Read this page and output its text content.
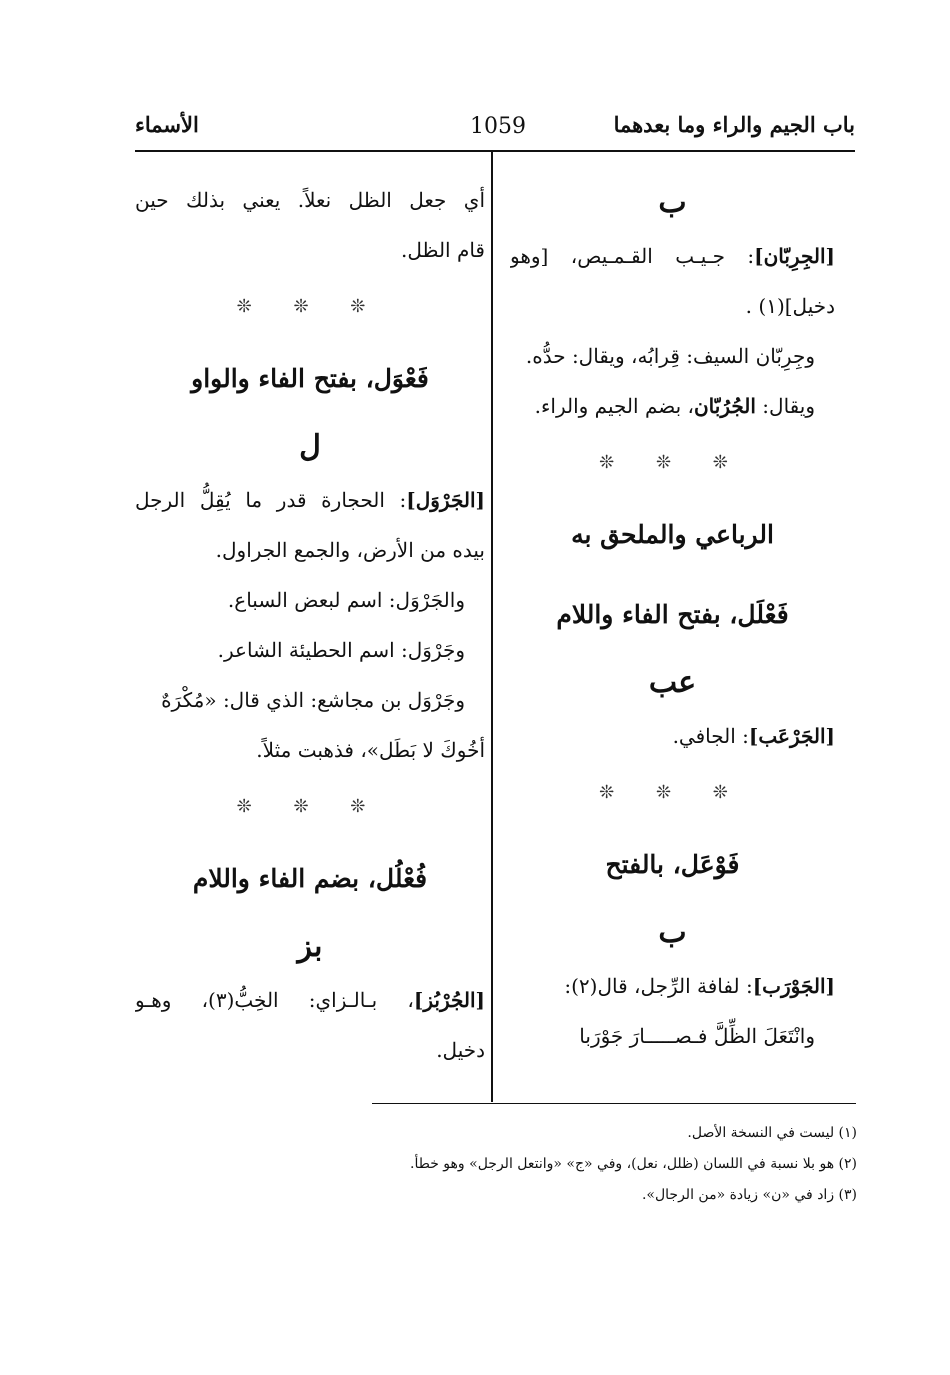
الأسماء	1059	باب الجيم والراء وما بعدهما
ب
[الجِرِبّان]: جـيـب القـمـيص، [وهو
دخيل](١) .
وجِرِبّان السيف: قِرابُه، ويقال: حدُّه.
ويقال: الجُرُبّان، بضم الجيم والراء.
❊ ❊ ❊
الرباعي والملحق به
فَعْلَل، بفتح الفاء واللام
عب
[الجَرْعَب]: الجافي.
❊ ❊ ❊
فَوْعَل، بالفتح
ب
[الجَوْرَب]: لفافة الرِّجل، قال(٢):
وانْتَعَلَ الظِّلَّ فـصـــــارَ جَوْرَبا
أي جعل الظل نعلاً. يعني بذلك حين
قام الظل.
❊ ❊ ❊
فَعْوَل، بفتح الفاء والواو
ل
[الجَرْوَل]: الحجارة قدر ما يُقِلُّ الرجل
بيده من الأرض، والجمع الجراول.
والجَرْوَل: اسم لبعض السباع.
وجَرْوَل: اسم الحطيئة الشاعر.
وجَرْوَل بن مجاشع: الذي قال: «مُكْرَهٌ
أخُوكَ لا بَطَل»، فذهبت مثلاً.
❊ ❊ ❊
فُعْلُل، بضم الفاء واللام
بز
[الجُرْبُز]، بـالـزاي: الخِبُّ(٣)، وهـو
دخيل.
(١) ليست في النسخة الأصل.
(٢) هو بلا نسبة في اللسان (ظلل، نعل)، وفي «ج» «وانتعل الرجل» وهو خطأ.
(٣) زاد في «ن» زيادة «من الرجال».
